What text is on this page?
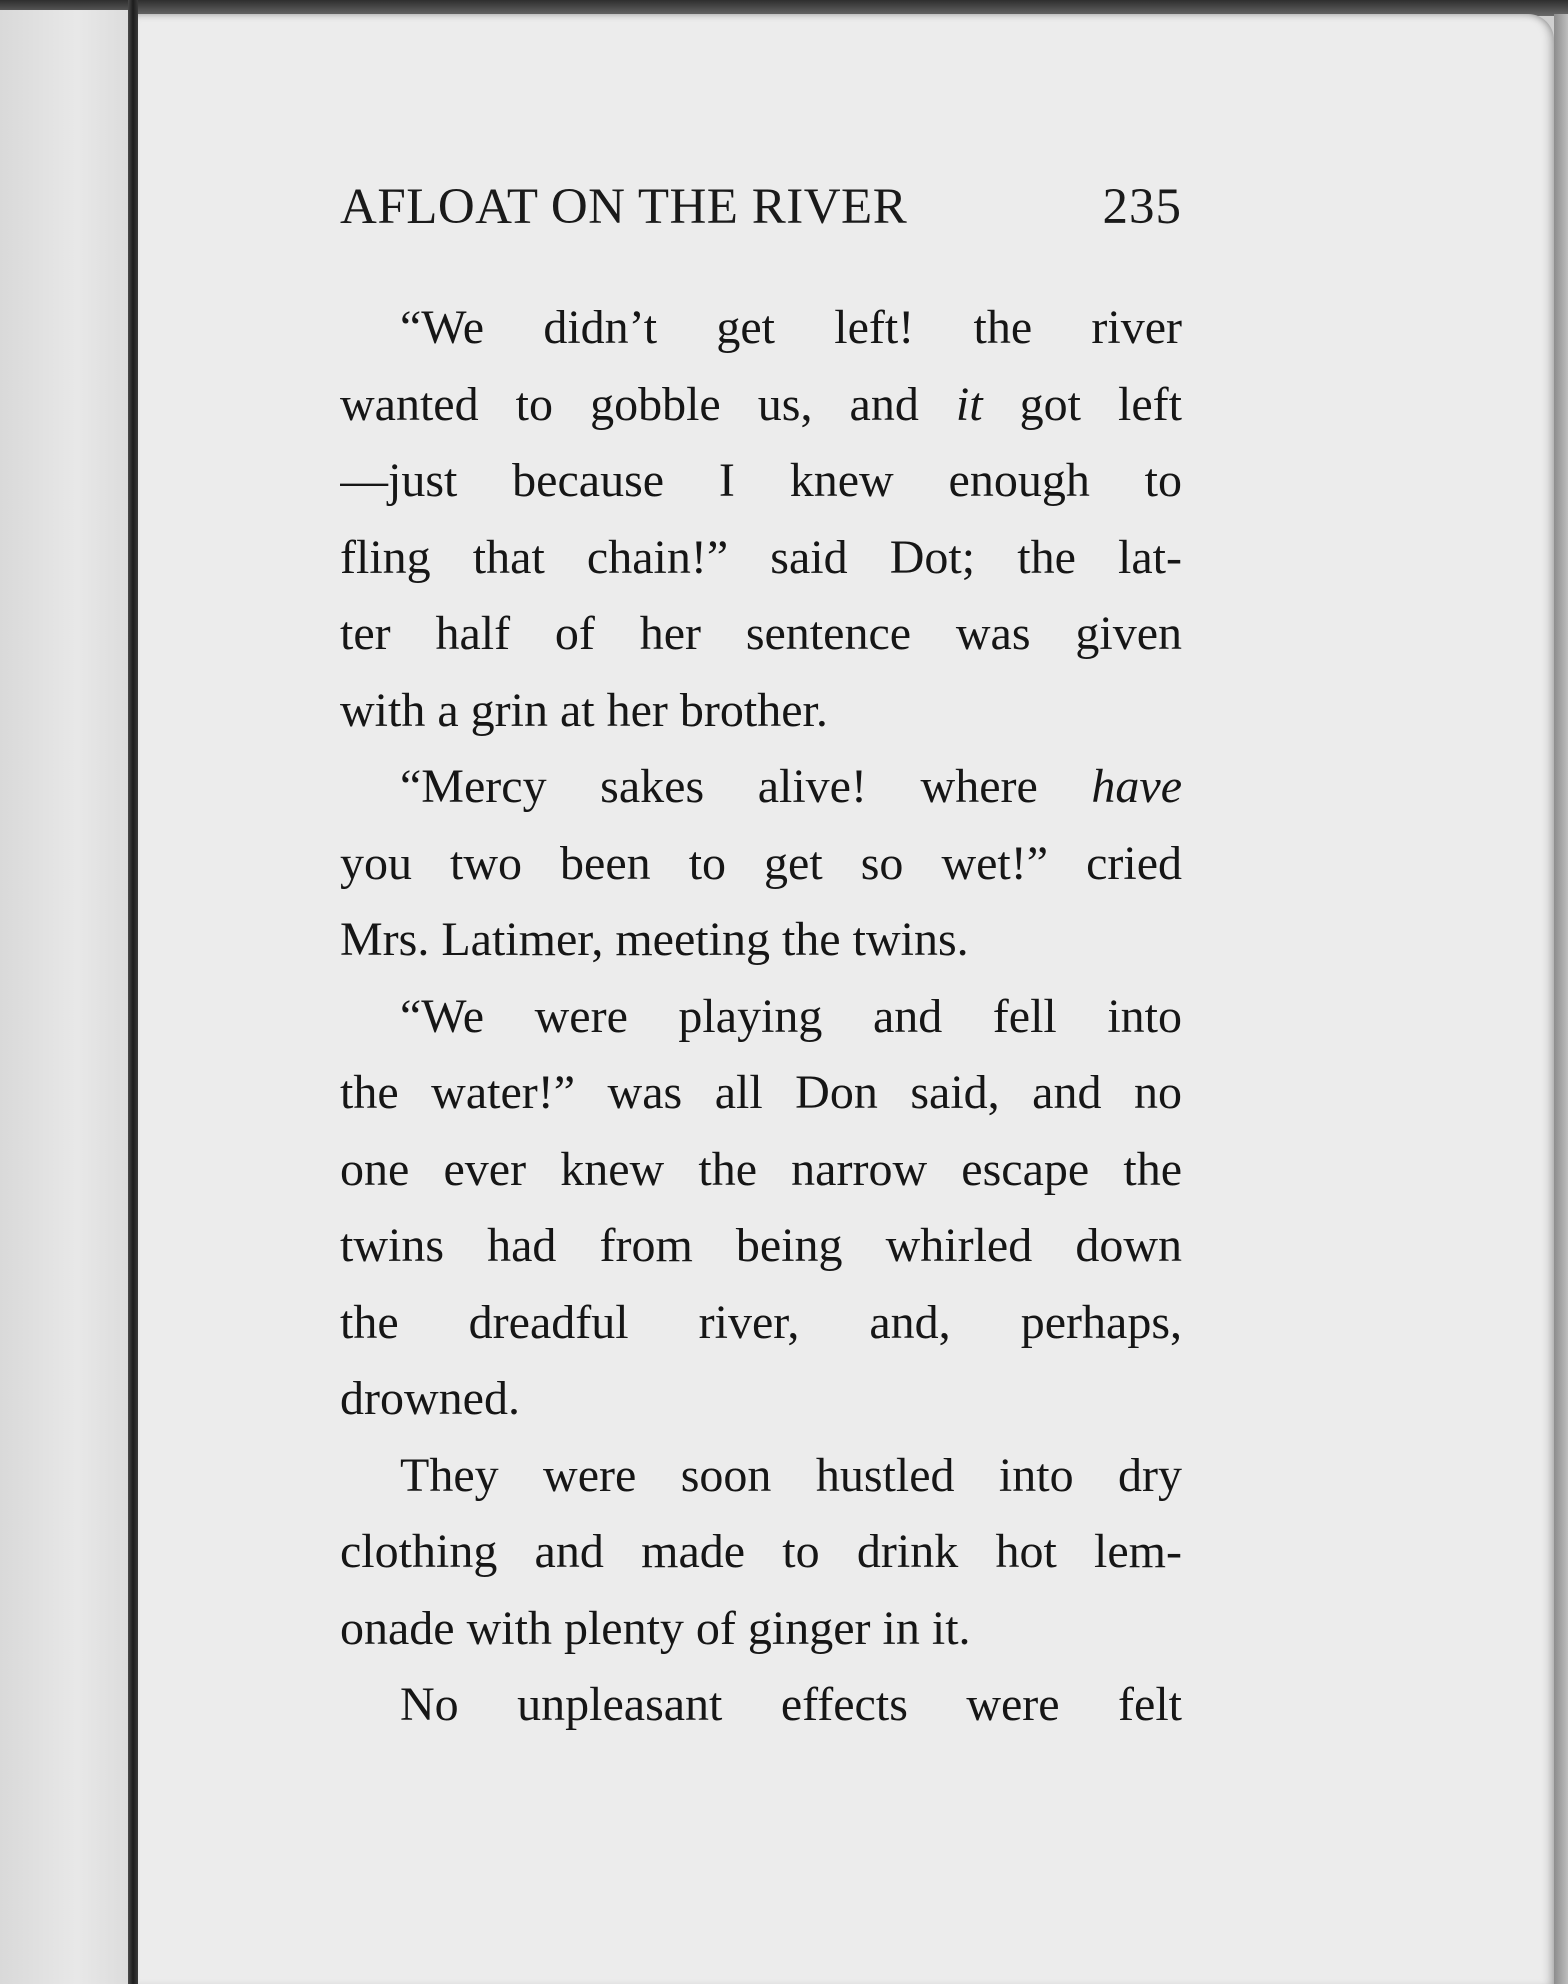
AFLOAT ON THE RIVER	235

“We didn’t get left! the river

wanted to gobble us, and it got left

—just because I knew enough to

fling that chain!” said Dot; the lat-

ter half of her sentence was given

with a grin at her brother.

“Mercy sakes alive! where have

you two been to get so wet!” cried

Mrs. Latimer, meeting the twins.

“We were playing and fell into

the water!” was all Don said, and no

one ever knew the narrow escape the

twins had from being whirled down

the dreadful river, and, perhaps,

drowned.

They were soon hustled into dry

clothing and made to drink hot lem-

onade with plenty of ginger in it.

No unpleasant effects were felt
